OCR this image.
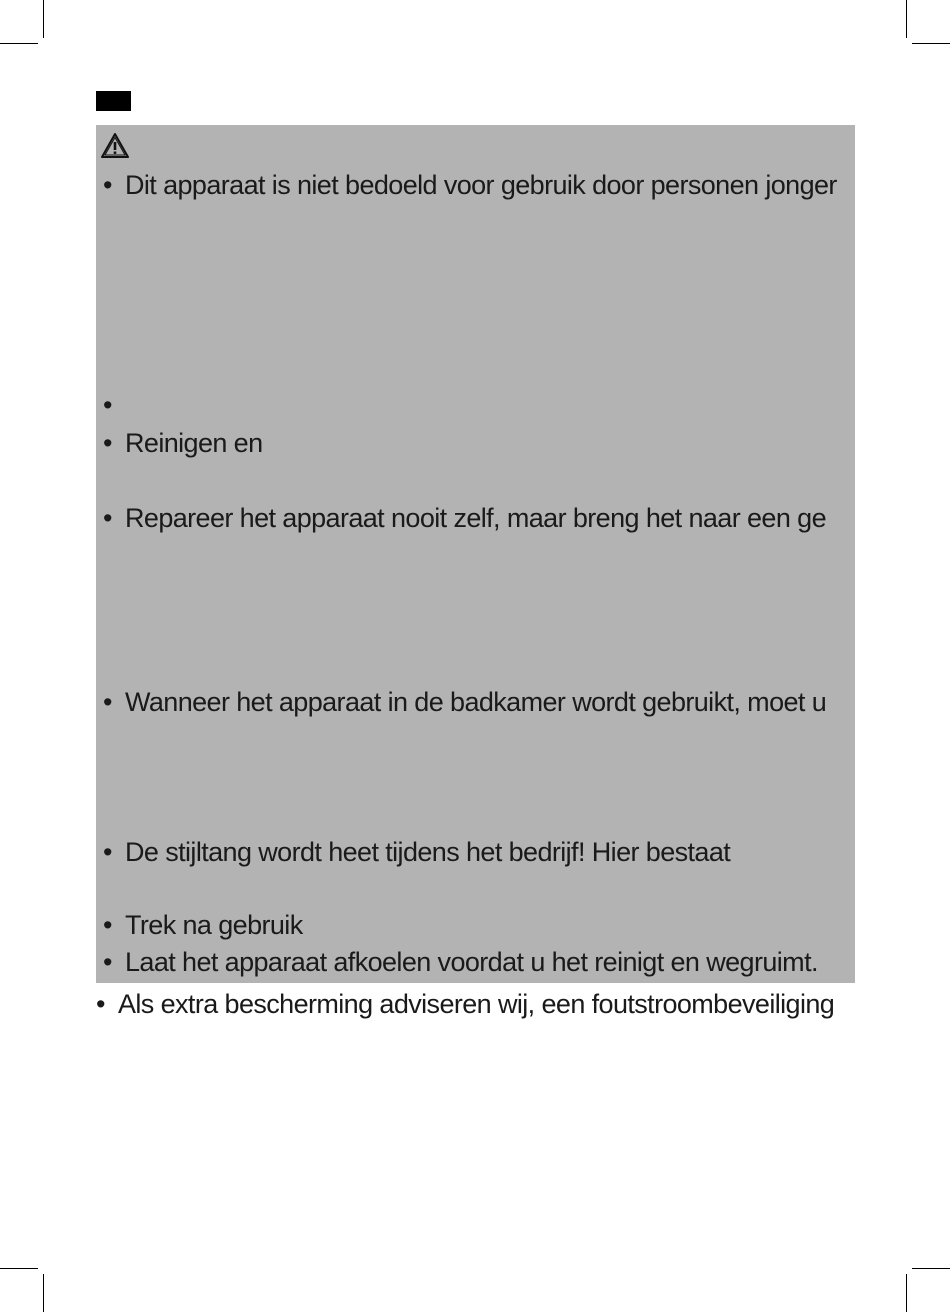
• Dit apparaat is niet bedoeld voor gebruik door personen jonger
•
• Reinigen en
• Repareer het apparaat nooit zelf, maar breng het naar een ge
• Wanneer het apparaat in de badkamer wordt gebruikt, moet u
• De stijltang wordt heet tijdens het bedrijf! Hier bestaat
• Trek na gebruik
• Laat het apparaat afkoelen voordat u het reinigt en wegruimt.
• Als extra bescherming adviseren wij, een foutstroombeveiliging
